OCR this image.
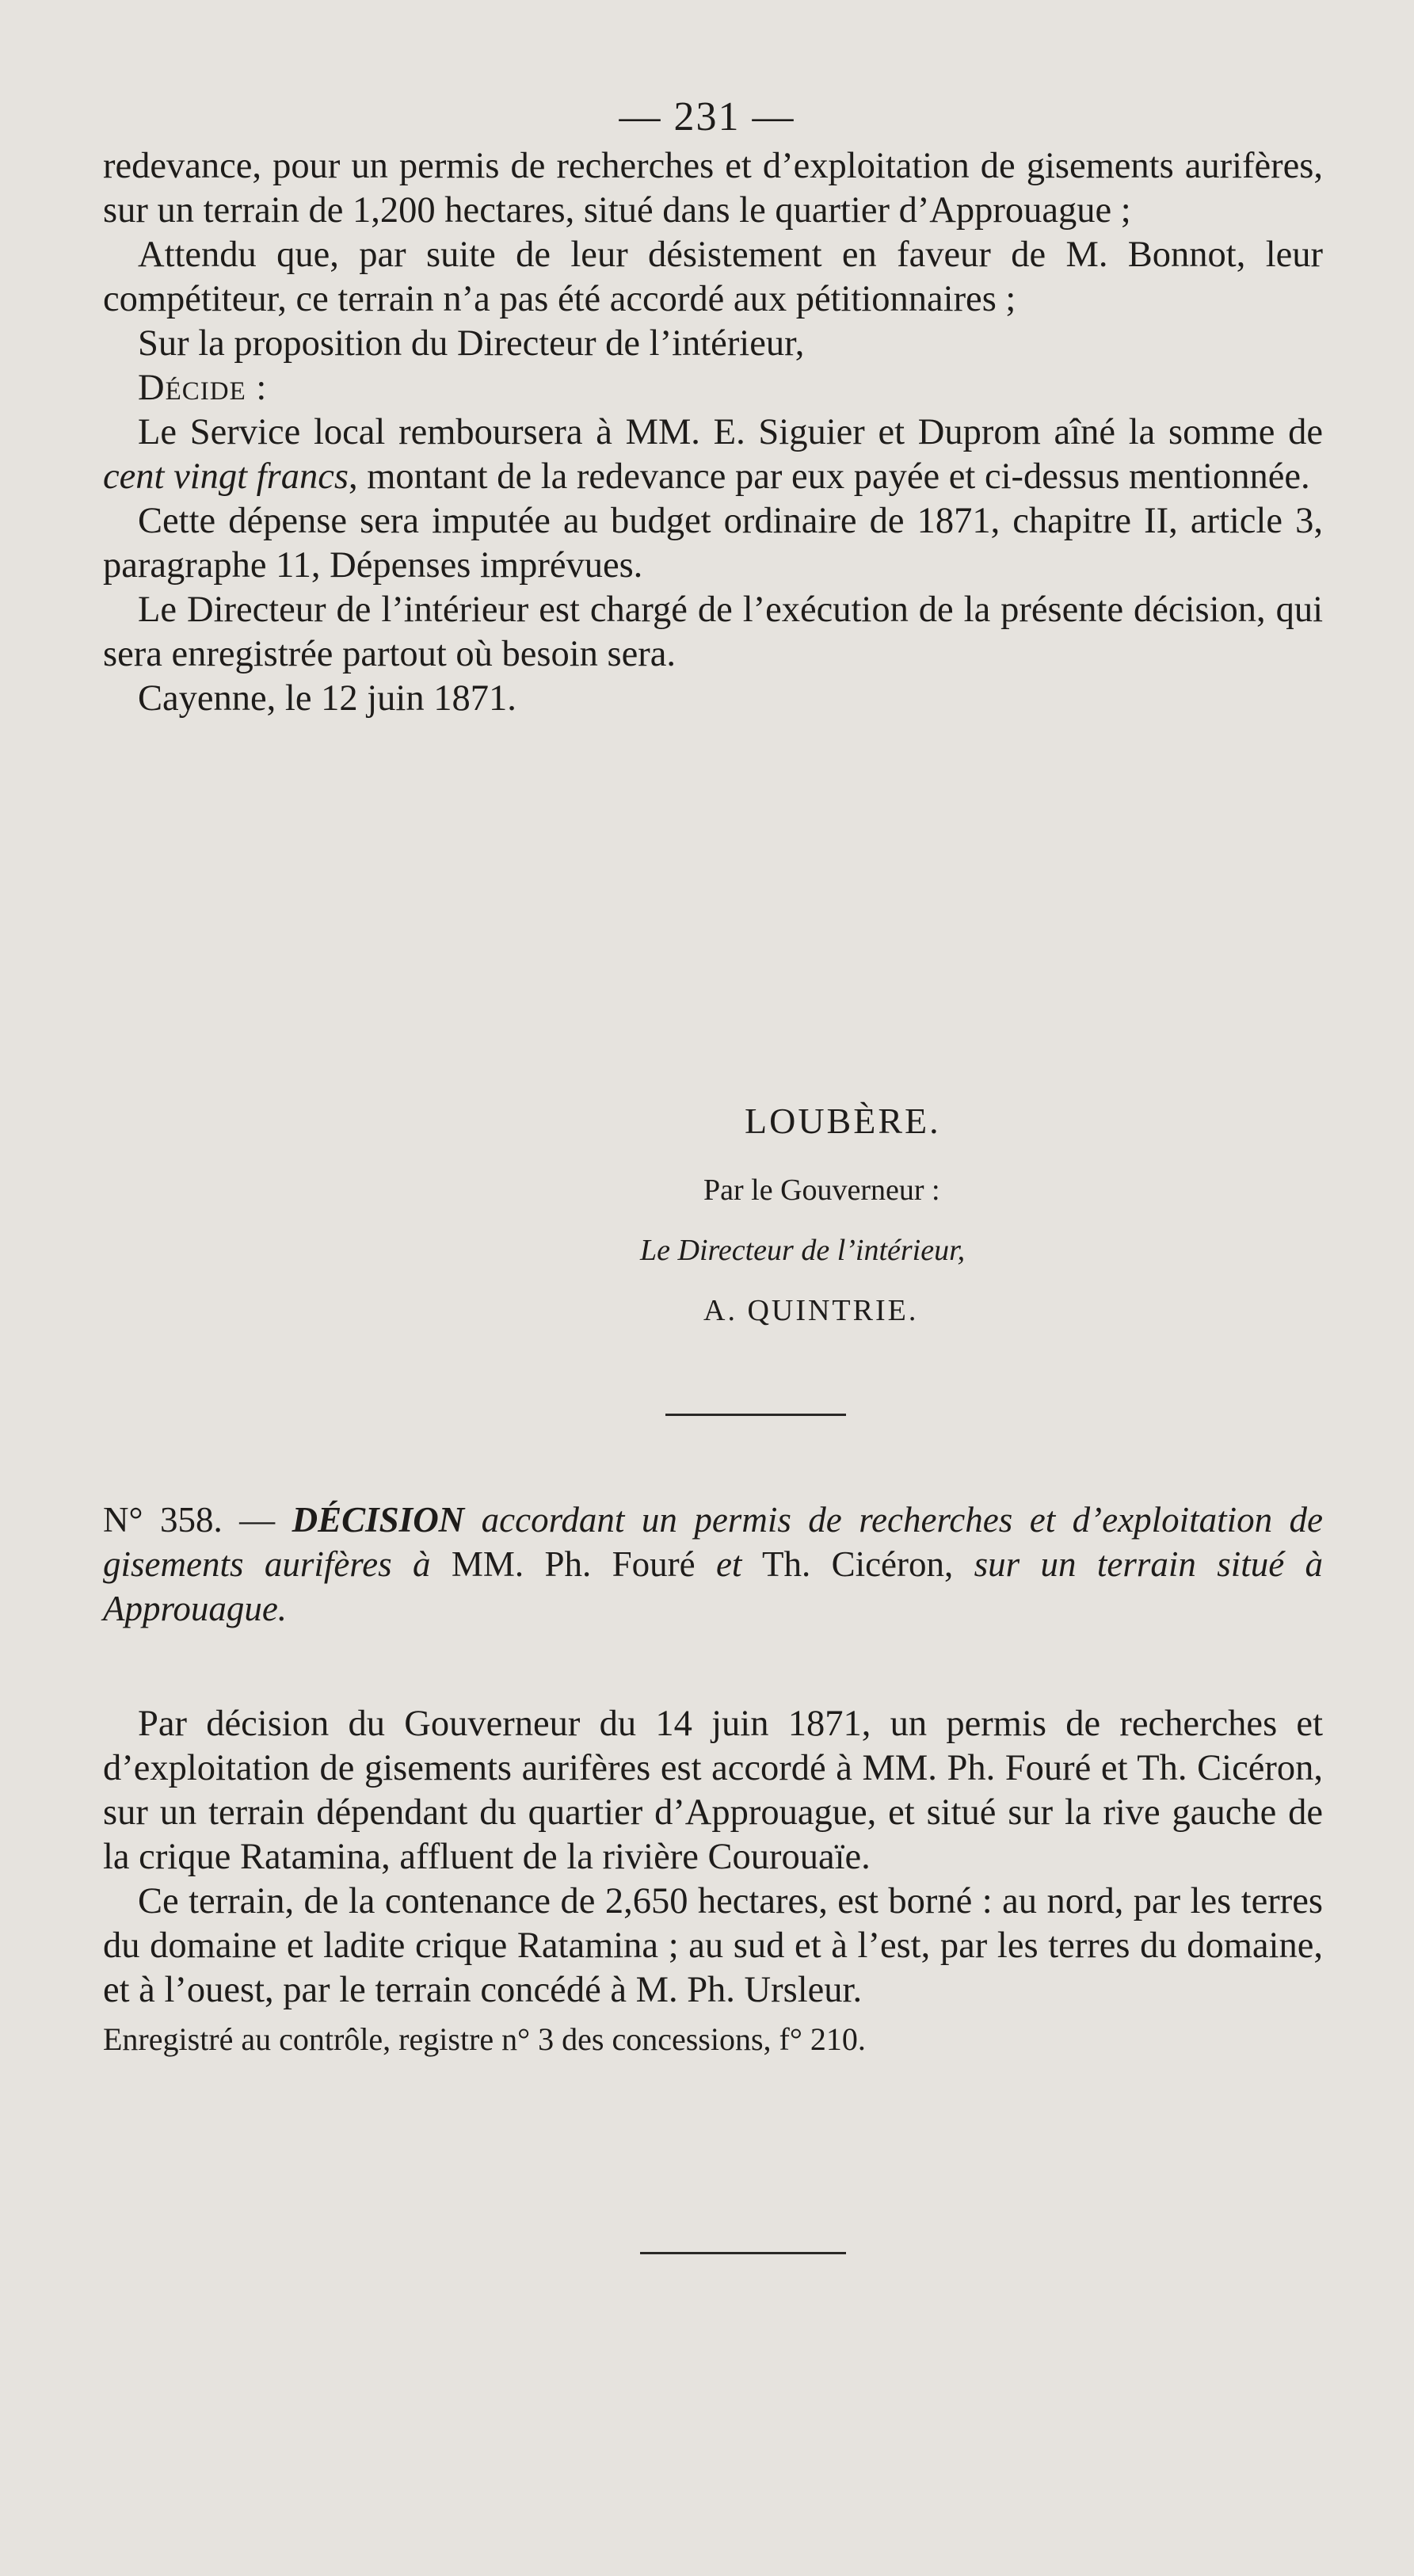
— 231 —

redevance, pour un permis de recherches et d’exploitation de gisements aurifères, sur un terrain de 1,200 hectares, situé dans le quartier d’Approuague ;

Attendu que, par suite de leur désistement en faveur de M. Bonnot, leur compétiteur, ce terrain n’a pas été accordé aux pétitionnaires ;

Sur la proposition du Directeur de l’intérieur,

Décide :

Le Service local remboursera à MM. E. Siguier et Duprom aîné la somme de cent vingt francs, montant de la redevance par eux payée et ci-dessus mentionnée.

Cette dépense sera imputée au budget ordinaire de 1871, chapitre II, article 3, paragraphe 11, Dépenses imprévues.

Le Directeur de l’intérieur est chargé de l’exécution de la présente décision, qui sera enregistrée partout où besoin sera.

Cayenne, le 12 juin 1871.

LOUBÈRE.
Par le Gouverneur :
Le Directeur de l’intérieur,
A. QUINTRIE.
N° 358. — DÉCISION accordant un permis de recherches et d’exploitation de gisements aurifères à MM. Ph. Fouré et Th. Cicéron, sur un terrain situé à Approuague.

Par décision du Gouverneur du 14 juin 1871, un permis de recherches et d’exploitation de gisements aurifères est accordé à MM. Ph. Fouré et Th. Cicéron, sur un terrain dépendant du quartier d’Approuague, et situé sur la rive gauche de la crique Ratamina, affluent de la rivière Courouaïe.

Ce terrain, de la contenance de 2,650 hectares, est borné : au nord, par les terres du domaine et ladite crique Ratamina ; au sud et à l’est, par les terres du domaine, et à l’ouest, par le terrain concédé à M. Ph. Ursleur.

Enregistré au contrôle, registre n° 3 des concessions, f° 210.
